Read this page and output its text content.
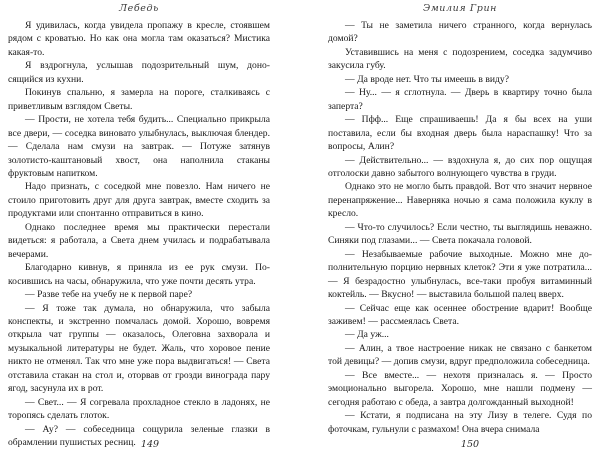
Лебедь

Я удивилась, когда увидела пропажу в кресле, стоявшем рядом с кроватью. Но как она могла там оказаться? Мистика какая-то.

Я вздрогнула, услышав подозрительный шум, доносящийся из кухни.

Покинув спальню, я замерла на пороге, сталкиваясь с приветливым взглядом Светы.

— Прости, не хотела тебя будить... Специально прикрыла все двери, — соседка виновато улыбнулась, выключая блендер. — Сделала нам смузи на завтрак. — Потуже затянув золотисто-каштановый хвост, она наполнила стаканы фруктовым напитком.

Надо признать, с соседкой мне повезло. Нам ничего не стоило приготовить друг для друга завтрак, вместе сходить за продуктами или спонтанно отправиться в кино.

Однако последнее время мы практически перестали видеться: я работала, а Света днем училась и подрабатывала вечерами.

Благодарно кивнув, я приняла из ее рук смузи. Покосившись на часы, обнаружила, что уже почти десять утра.

— Разве тебе на учебу не к первой паре?

— Я тоже так думала, но обнаружила, что забыла конспекты, и экстренно помчалась домой. Хорошо, вовремя открыла чат группы — оказалось, Олеговна захворала и музыкальной литературы не будет. Жаль, что хоровое пение никто не отменял. Так что мне уже пора выдвигаться! — Света отставила стакан на стол и, оторвав от грозди винограда пару ягод, засунула их в рот.

— Свет... — Я согревала прохладное стекло в ладонях, не торопясь сделать глоток.

— Ау? — собеседница сощурила зеленые глазки в обрамлении пушистых ресниц. 149
Эмилия Грин

— Ты не заметила ничего странного, когда вернулась домой?

Уставившись на меня с подозрением, соседка задумчиво закусила губу.

— Да вроде нет. Что ты имеешь в виду?

— Ну... — я сглотнула. — Дверь в квартиру точно была заперта?

— Пфф... Еще спрашиваешь! Да я бы всех на уши поставила, если бы входная дверь была нараспашку! Что за вопросы, Алин?

— Действительно... — вздохнула я, до сих пор ощущая отголоски давно забытого волнующего чувства в груди.

Однако это не могло быть правдой. Вот что значит нервное перенапряжение... Наверняка ночью я сама положила куклу в кресло.

— Что-то случилось? Если честно, ты выглядишь неважно. Синяки под глазами... — Света покачала головой.

— Незабываемые рабочие выходные. Можно мне дополнительную порцию нервных клеток? Эти я уже потратила... — Я безрадостно улыбнулась, все-таки пробуя витаминный коктейль. — Вкусно! — выставила большой палец вверх.

— Сейчас еще как осеннее обострение вдарит! Вообще заживем! — рассмеялась Света.

— Да уж...

— Алин, а твое настроение никак не связано с банкетом той девицы? — допив смузи, вдруг предположила собеседница.

— Все вместе... — нехотя призналась я. — Просто эмоционально выгорела. Хорошо, мне нашли подмену — сегодня работаю с обеда, а завтра долгожданный выходной!

— Кстати, я подписана на эту Лизу в телеге. Судя по фоточкам, гульнули с размахом! Она вчера снимала

150
